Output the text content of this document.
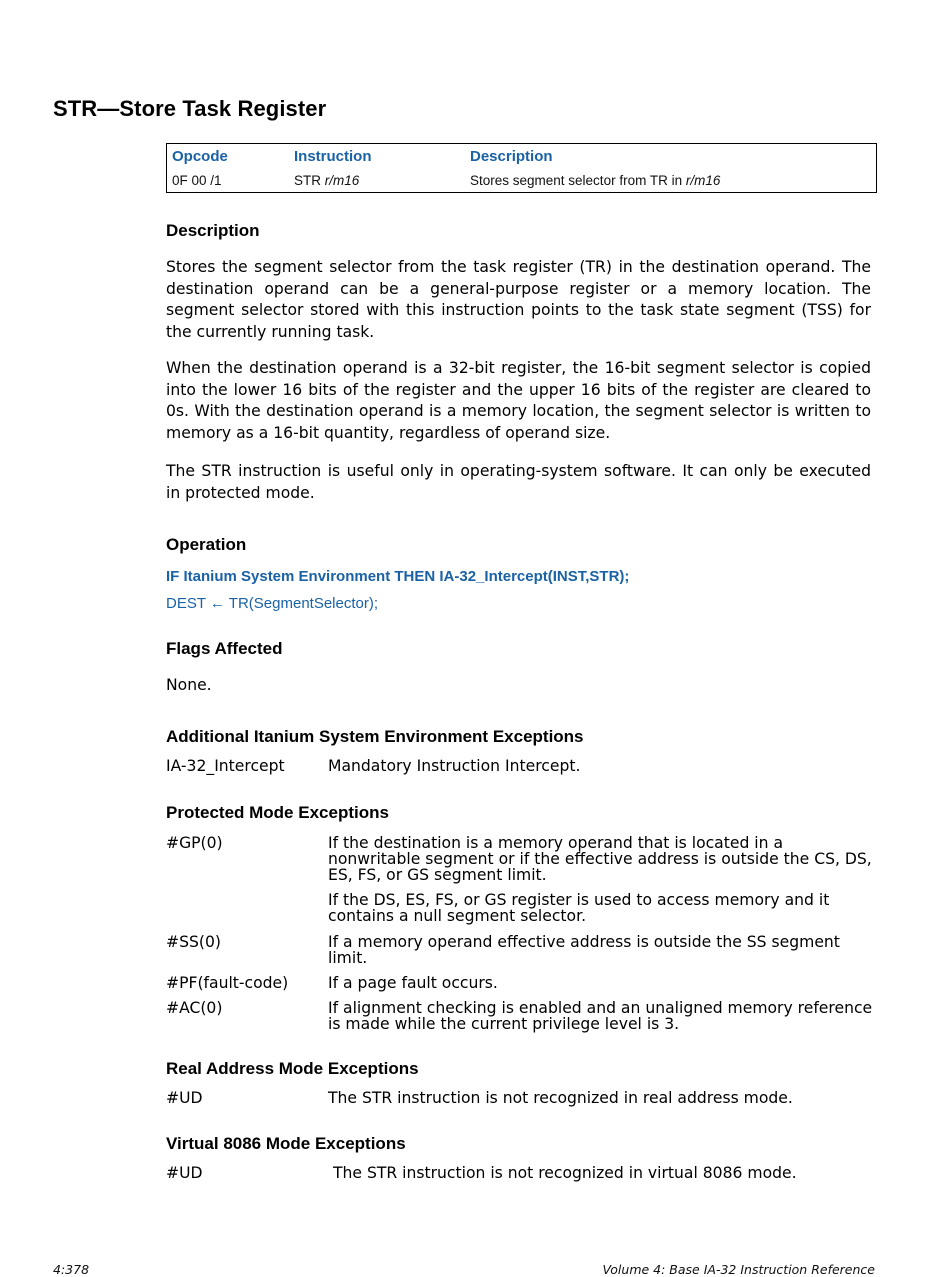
STR—Store Task Register
Opcode	Instruction	Description
0F 00 /1	STR r/m16	Stores segment selector from TR in r/m16
Description

Stores the segment selector from the task register (TR) in the destination operand. The destination operand can be a general-purpose register or a memory location. The segment selector stored with this instruction points to the task state segment (TSS) for the currently running task.

When the destination operand is a 32-bit register, the 16-bit segment selector is copied into the lower 16 bits of the register and the upper 16 bits of the register are cleared to 0s. With the destination operand is a memory location, the segment selector is written to memory as a 16-bit quantity, regardless of operand size.

The STR instruction is useful only in operating-system software. It can only be executed in protected mode.

Operation
IF Itanium System Environment THEN IA-32_Intercept(INST,STR);
DEST ← TR(SegmentSelector);
Flags Affected
None.
Additional Itanium System Environment Exceptions
IA-32_Intercept	Mandatory Instruction Intercept.
Protected Mode Exceptions
#GP(0)	If the destination is a memory operand that is located in a nonwritable segment or if the effective address is outside the CS, DS, ES, FS, or GS segment limit.

If the DS, ES, FS, or GS register is used to access memory and it contains a null segment selector.

#SS(0)	If a memory operand effective address is outside the SS segment limit.

#PF(fault-code)	If a page fault occurs.

#AC(0)	If alignment checking is enabled and an unaligned memory reference is made while the current privilege level is 3.

Real Address Mode Exceptions
#UD	The STR instruction is not recognized in real address mode.
Virtual 8086 Mode Exceptions
#UD	The STR instruction is not recognized in virtual 8086 mode.
4:378	Volume 4: Base IA-32 Instruction Reference
